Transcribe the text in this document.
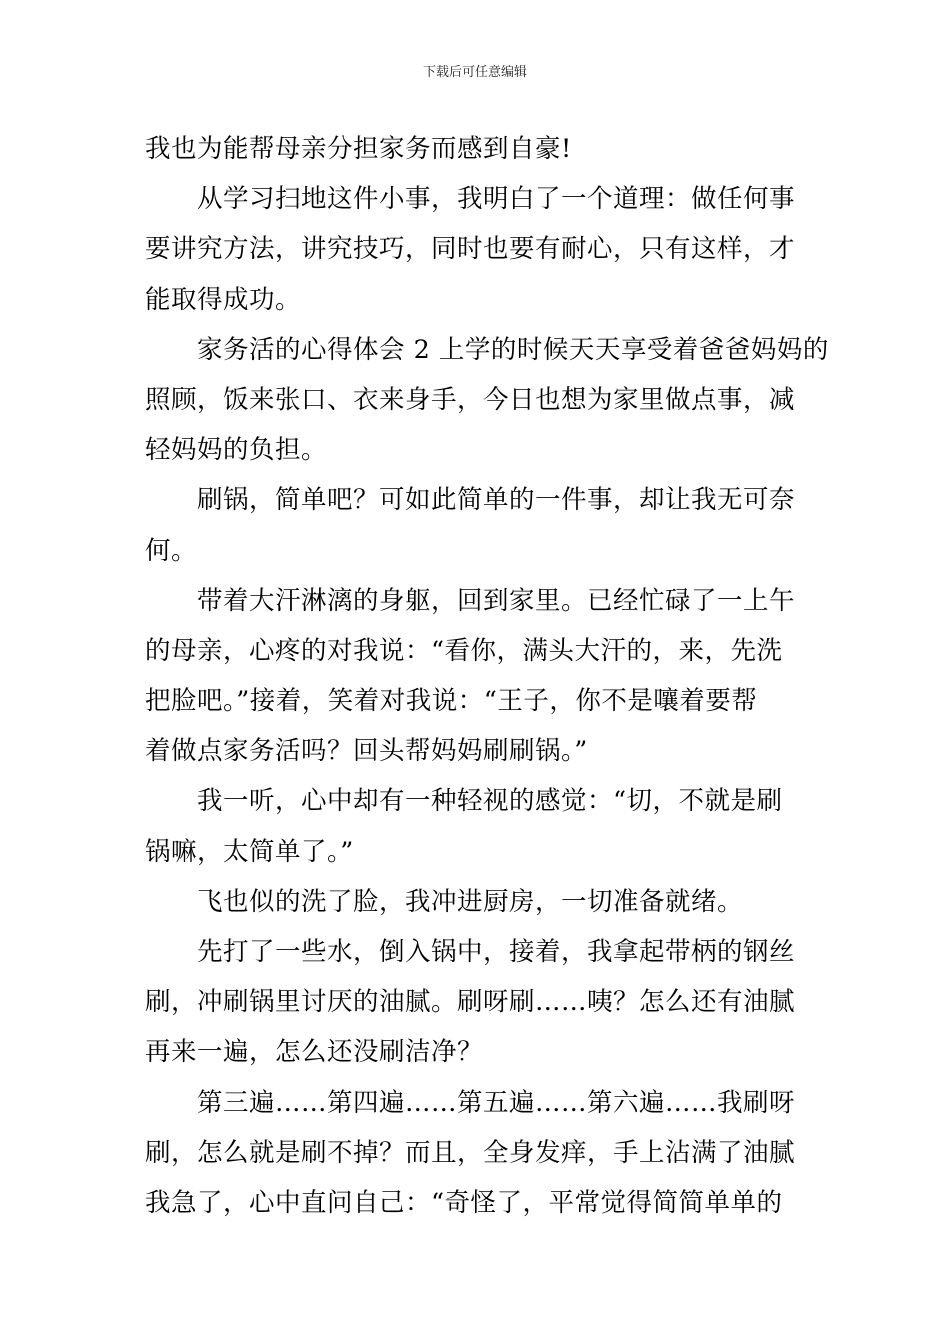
下载后可任意编辑
我也为能帮母亲分担家务而感到自豪!
从学习扫地这件小事，我明白了一个道理：做任何事
要讲究方法，讲究技巧，同时也要有耐心，只有这样，才
能取得成功。
家务活的心得体会 2 上学的时候天天享受着爸爸妈妈的
照顾，饭来张口、衣来身手，今日也想为家里做点事，减
轻妈妈的负担。
刷锅，简单吧？可如此简单的一件事，却让我无可奈
何。
带着大汗淋漓的身躯，回到家里。已经忙碌了一上午
的母亲，心疼的对我说：“看你，满头大汗的，来，先洗
把脸吧。”接着，笑着对我说：“王子，你不是嚷着要帮
着做点家务活吗？回头帮妈妈刷刷锅。”
我一听，心中却有一种轻视的感觉：“切，不就是刷
锅嘛，太简单了。”
飞也似的洗了脸，我冲进厨房，一切准备就绪。
先打了一些水，倒入锅中，接着，我拿起带柄的钢丝
刷，冲刷锅里讨厌的油腻。刷呀刷……咦？怎么还有油腻
再来一遍，怎么还没刷洁净？
第三遍……第四遍……第五遍……第六遍……我刷呀
刷，怎么就是刷不掉？而且，全身发痒，手上沾满了油腻
我急了，心中直问自己：“奇怪了，平常觉得简简单单的
